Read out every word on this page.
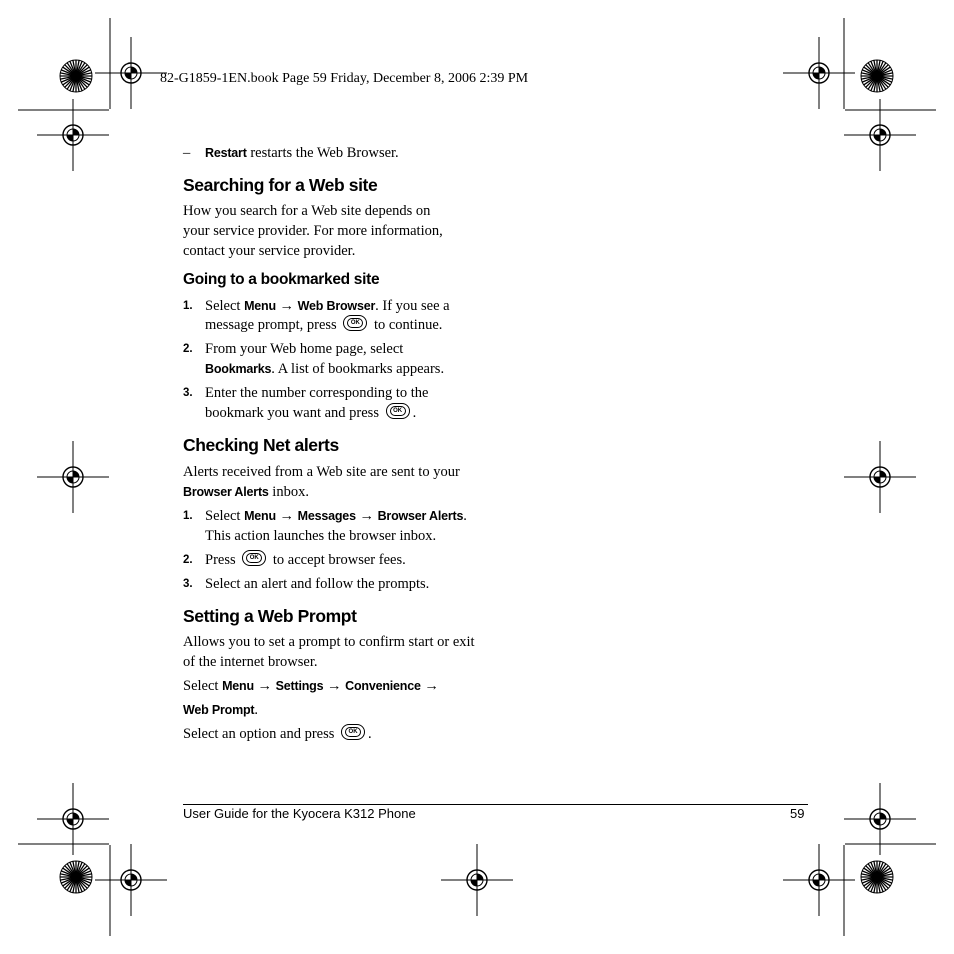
82-G1859-1EN.book Page 59 Friday, December 8, 2006 2:39 PM
– Restart restarts the Web Browser.
Searching for a Web site
How you search for a Web site depends on
your service provider. For more information,
contact your service provider.
Going to a bookmarked site
1. Select Menu → Web Browser. If you see a
message prompt, press OK to continue.
2. From your Web home page, select
Bookmarks. A list of bookmarks appears.
3. Enter the number corresponding to the
bookmark you want and press OK.
Checking Net alerts
Alerts received from a Web site are sent to your
Browser Alerts inbox.
1. Select Menu → Messages → Browser Alerts.
This action launches the browser inbox.
2. Press OK to accept browser fees.
3. Select an alert and follow the prompts.
Setting a Web Prompt
Allows you to set a prompt to confirm start or exit
of the internet browser.
Select Menu → Settings → Convenience →
Web Prompt.
Select an option and press OK.
User Guide for the Kyocera K312 Phone	59
